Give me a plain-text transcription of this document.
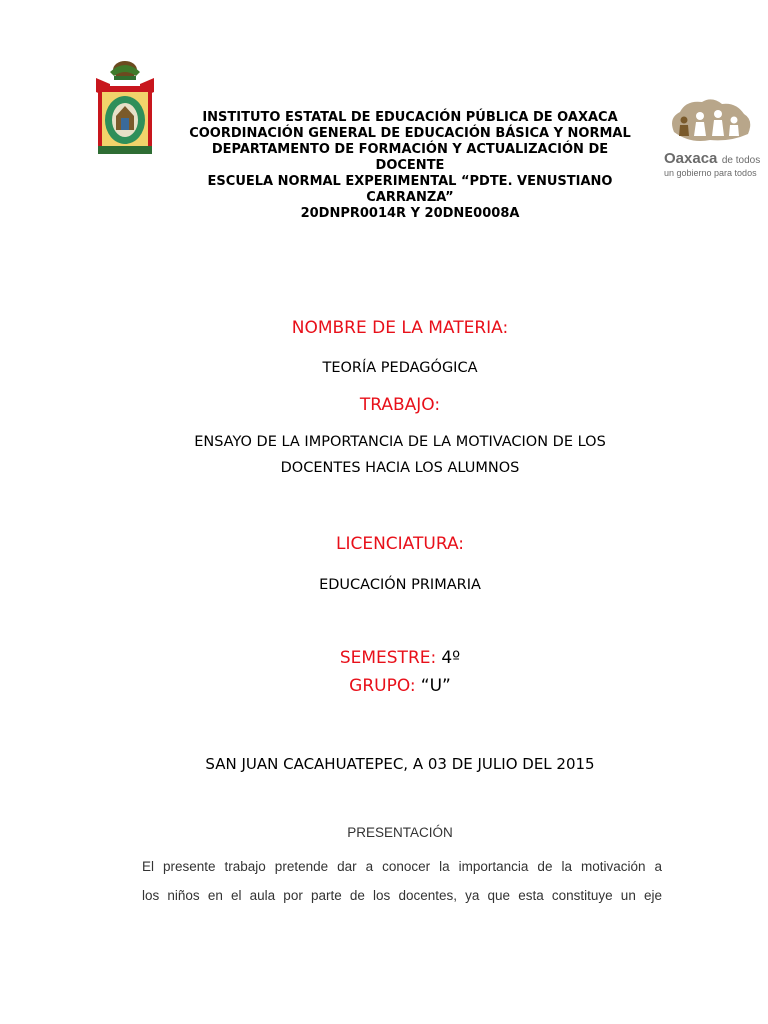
INSTITUTO ESTATAL DE EDUCACIÓN PÚBLICA DE OAXACA
COORDINACIÓN GENERAL DE EDUCACIÓN BÁSICA Y NORMAL
DEPARTAMENTO DE FORMACIÓN Y ACTUALIZACIÓN DE
DOCENTE
ESCUELA NORMAL EXPERIMENTAL “PDTE. VENUSTIANO
CARRANZA”
20DNPR0014R Y 20DNE0008A
Oaxaca de todos
un gobierno para todos
NOMBRE DE LA MATERIA:
TEORÍA PEDAGÓGICA
TRABAJO:
ENSAYO DE LA IMPORTANCIA DE LA MOTIVACION DE LOS
DOCENTES HACIA LOS ALUMNOS
LICENCIATURA:
EDUCACIÓN PRIMARIA
SEMESTRE: 4º
GRUPO: “U”
SAN JUAN CACAHUATEPEC, A 03 DE JULIO DEL 2015
PRESENTACIÓN
El presente trabajo pretende dar a conocer la importancia de la motivación a
los niños en el aula por parte de los docentes, ya que esta constituye un eje
